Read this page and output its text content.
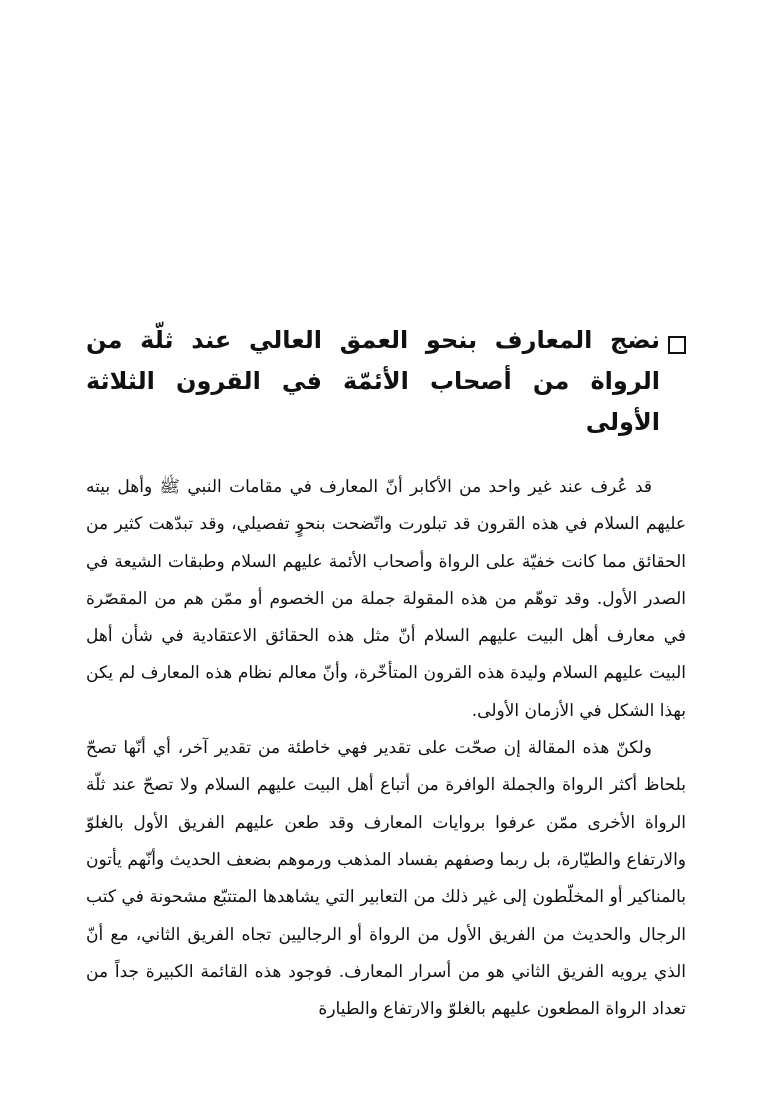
نضج المعارف بنحو العمق العالي عند ثلّة من الرواة من أصحاب الأئمّة في القرون الثلاثة الأولى

قد عُرف عند غير واحد من الأكابر أنّ المعارف في مقامات النبي ﷺ وأهل بيته عليهم السلام في هذه القرون قد تبلورت واتّضحت بنحوٍ تفصيلي، وقد تبدّهت كثير من الحقائق مما كانت خفيّة على الرواة وأصحاب الأئمة عليهم السلام وطبقات الشيعة في الصدر الأول. وقد توهّم من هذه المقولة جملة من الخصوم أو ممّن هم من المقصّرة في معارف أهل البيت عليهم السلام أنّ مثل هذه الحقائق الاعتقادية في شأن أهل البيت عليهم السلام وليدة هذه القرون المتأخّرة، وأنّ معالم نظام هذه المعارف لم يكن بهذا الشكل في الأزمان الأولى.

ولكنّ هذه المقالة إن صحّت على تقدير فهي خاطئة من تقدير آخر، أي أنّها تصحّ بلحاظ أكثر الرواة والجملة الوافرة من أتباع أهل البيت عليهم السلام ولا تصحّ عند ثلّة الرواة الأخرى ممّن عرفوا بروايات المعارف وقد طعن عليهم الفريق الأول بالغلوّ والارتفاع والطيّارة، بل ربما وصفهم بفساد المذهب ورموهم بضعف الحديث وأنّهم يأتون بالمناكير أو المخلّطون إلى غير ذلك من التعابير التي يشاهدها المتتبّع مشحونة في كتب الرجال والحديث من الفريق الأول من الرواة أو الرجاليين تجاه الفريق الثاني، مع أنّ الذي يرويه الفريق الثاني هو من أسرار المعارف. فوجود هذه القائمة الكبيرة جداً من تعداد الرواة المطعون عليهم بالغلوّ والارتفاع والطيارة
